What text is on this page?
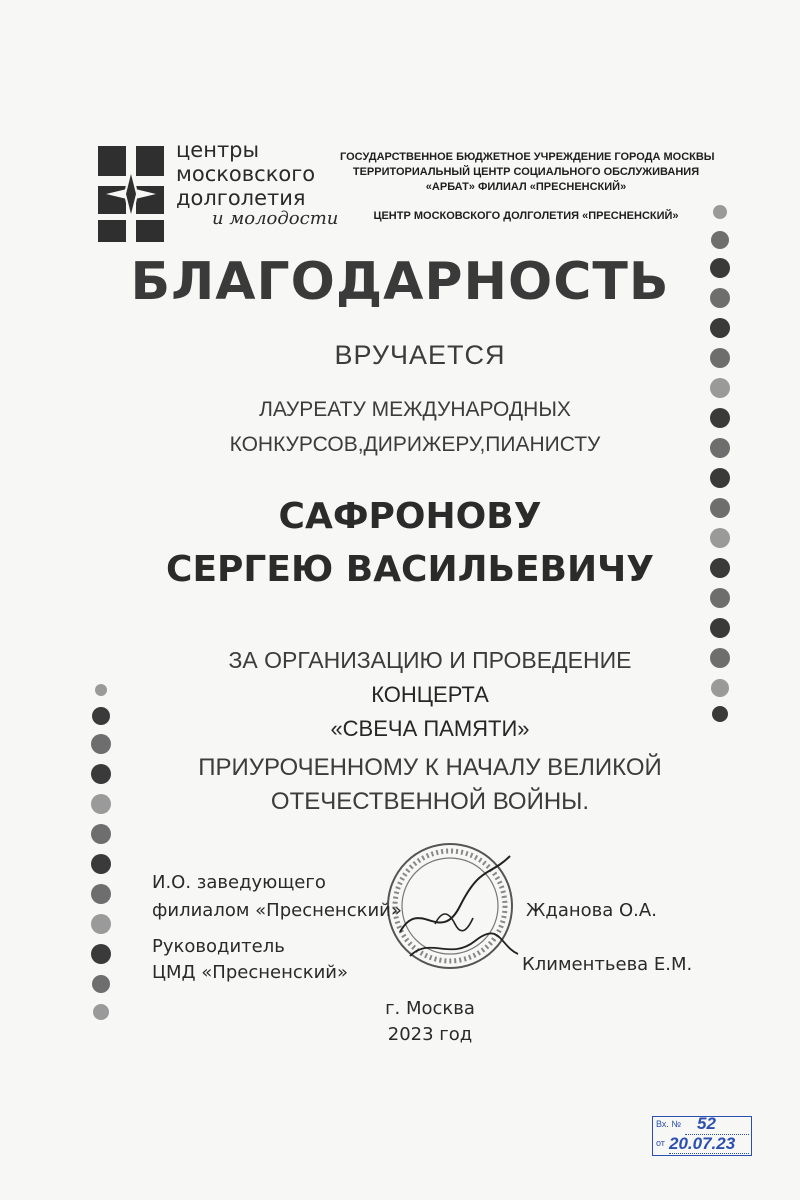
центры
московского
долголетия
и молодости
ГОСУДАРСТВЕННОЕ БЮДЖЕТНОЕ УЧРЕЖДЕНИЕ ГОРОДА МОСКВЫ
ТЕРРИТОРИАЛЬНЫЙ ЦЕНТР СОЦИАЛЬНОГО ОБСЛУЖИВАНИЯ
«АРБАТ» ФИЛИАЛ «ПРЕСНЕНСКИЙ»
ЦЕНТР МОСКОВСКОГО ДОЛГОЛЕТИЯ «ПРЕСНЕНСКИЙ»
БЛАГОДАРНОСТЬ
ВРУЧАЕТСЯ
ЛАУРЕАТУ МЕЖДУНАРОДНЫХ
КОНКУРСОВ,ДИРИЖЕРУ,ПИАНИСТУ
САФРОНОВУ
СЕРГЕЮ ВАСИЛЬЕВИЧУ
ЗА ОРГАНИЗАЦИЮ И ПРОВЕДЕНИЕ
КОНЦЕРТА
«СВЕЧА ПАМЯТИ»
ПРИУРОЧЕННОМУ К НАЧАЛУ ВЕЛИКОЙ
ОТЕЧЕСТВЕННОЙ ВОЙНЫ.
И.О. заведующего
филиалом «Пресненский»	Жданова О.А.
Руководитель
ЦМД «Пресненский»	Климентьева Е.М.
г. Москва
2023 год
Вх. № 52
от 20.07.23
